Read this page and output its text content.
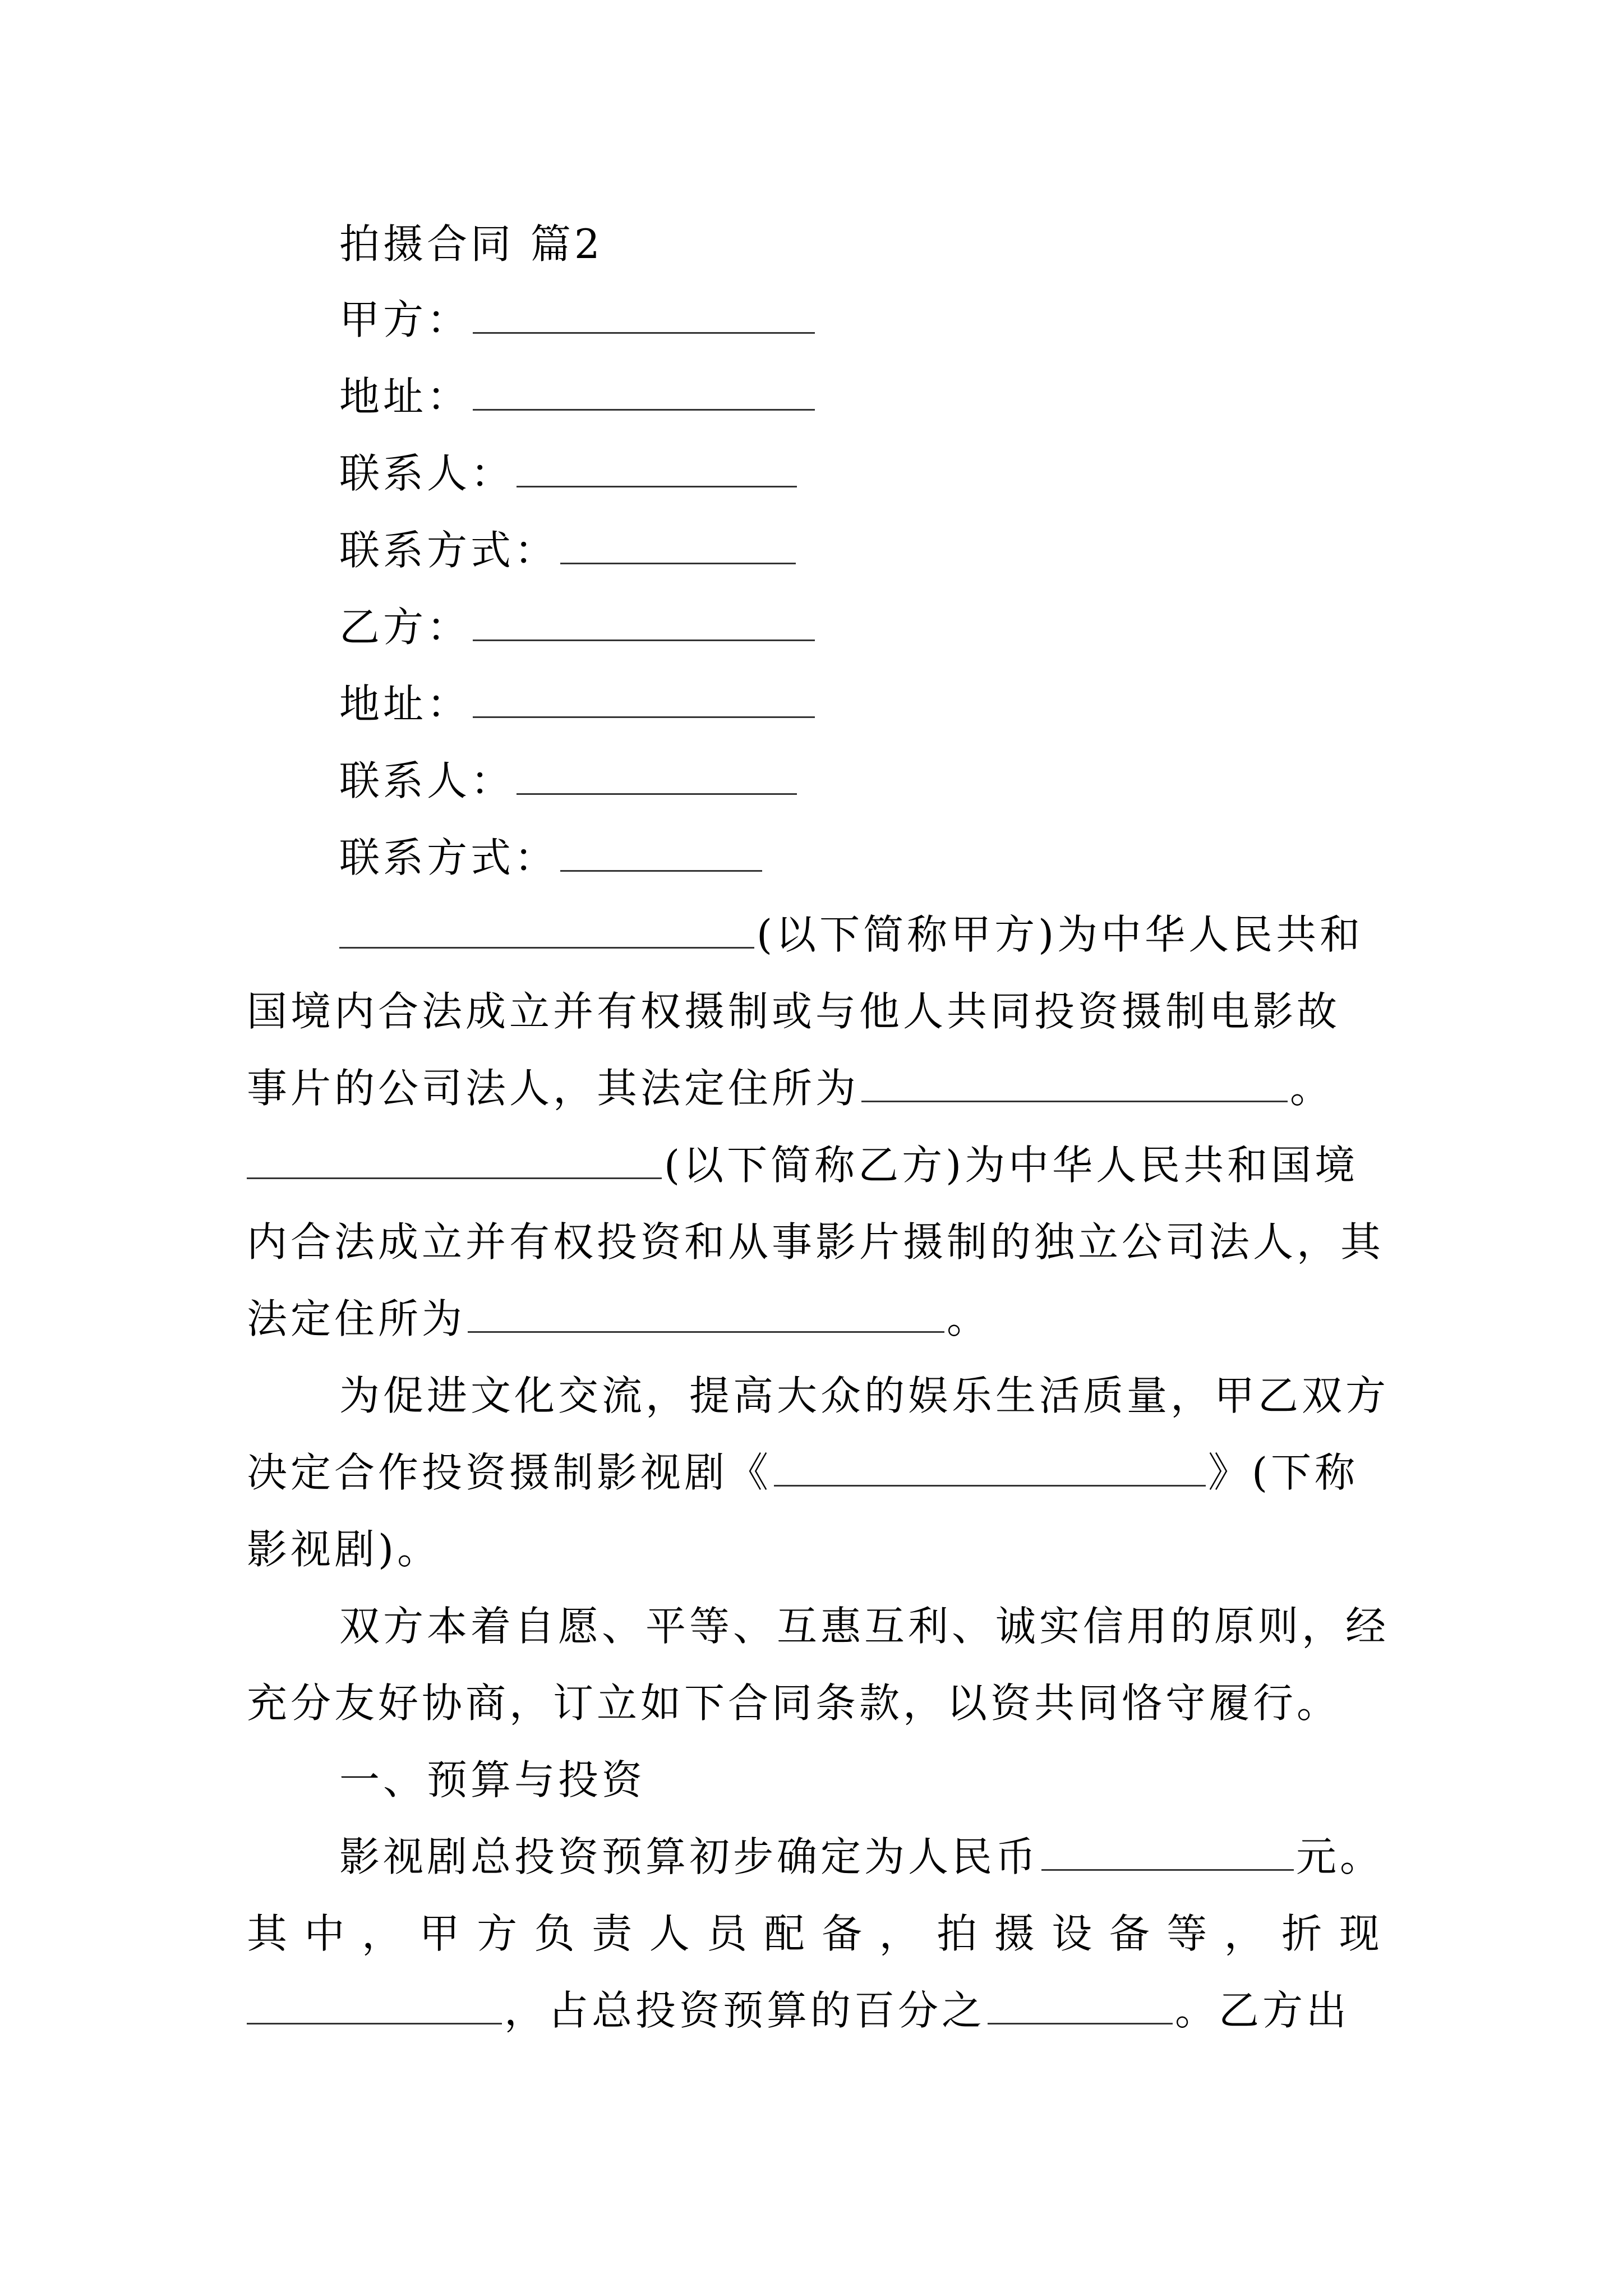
拍摄合同 篇2
甲方：
地址：
联系人：
联系方式：
乙方：
地址：
联系人：
联系方式：
(以下简称甲方)为中华人民共和
国境内合法成立并有权摄制或与他人共同投资摄制电影故
事片的公司法人，其法定住所为	。
(以下简称乙方)为中华人民共和国境
内合法成立并有权投资和从事影片摄制的独立公司法人，其
法定住所为	。
为促进文化交流，提高大众的娱乐生活质量，甲乙双方
决定合作投资摄制影视剧《	》(下称
影视剧)。
双方本着自愿、平等、互惠互利、诚实信用的原则，经
充分友好协商，订立如下合同条款，以资共同恪守履行。
一、预算与投资
影视剧总投资预算初步确定为人民币	元。
其 中 ， 甲 方 负 责 人 员 配 备 ， 拍 摄 设 备 等 ， 折 现
，占总投资预算的百分之	。乙方出
